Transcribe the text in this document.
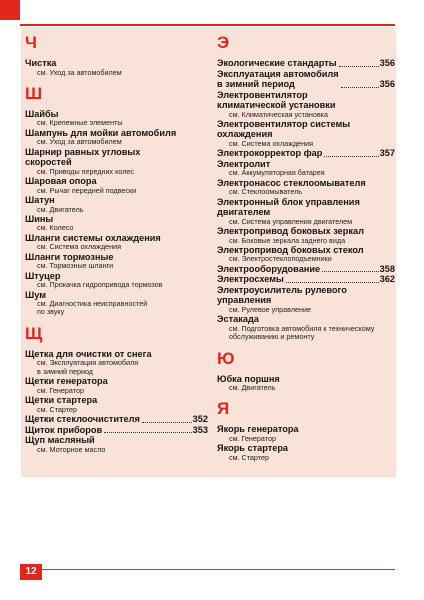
Ч
Чистка
см. Уход за автомобилем
Ш
Шайбы
см. Крепежные элементы
Шампунь для мойки автомобиля
см. Уход за автомобилем
Шарнир равных угловых
скоростей
см. Приводы передних колес
Шаровая опора
см. Рычаг передней подвески
Шатун
см. Двигатель
Шины
см. Колесо
Шланги системы охлаждения
см. Система охлаждения
Шланги тормозные
см. Тормозные шланги
Штуцер
см. Прокачка гидропривода тормозов
Шум
см. Диагностика неисправностей
по звуку
Щ
Щетка для очистки от снега
см. Эксплуатация автомобиля
в зимний период
Щетки генератора
см. Генератор
Щетки стартера
см. Стартер
Щетки стеклоочистителя	352
Щиток приборов	353
Щуп масляный
см. Моторное масло
Э
Экологические стандарты	356
Эксплуатация автомобиля
в зимний период	356
Электровентилятор
климатической установки
см. Климатическая установка
Электровентилятор системы
охлаждения
см. Система охлаждения
Электрокорректор фар	357
Электролит
см. Аккумуляторная батарея
Электронасос стеклоомывателя
см. Стеклоомыватель
Электронный блок управления
двигателем
см. Система управления двигателем
Электропривод боковых зеркал
см. Боковые зеркала заднего вида
Электропривод боковых стекол
см. Электростеклоподъемники
Электрооборудование	358
Электросхемы	362
Электроусилитель рулевого
управления
см. Рулевое управление
Эстакада
см. Подготовка автомобиля к техническому
обслуживанию и ремонту
Ю
Юбка поршня
см. Двигатель
Я
Якорь генератора
см. Генератор
Якорь стартера
см. Стартер
12
